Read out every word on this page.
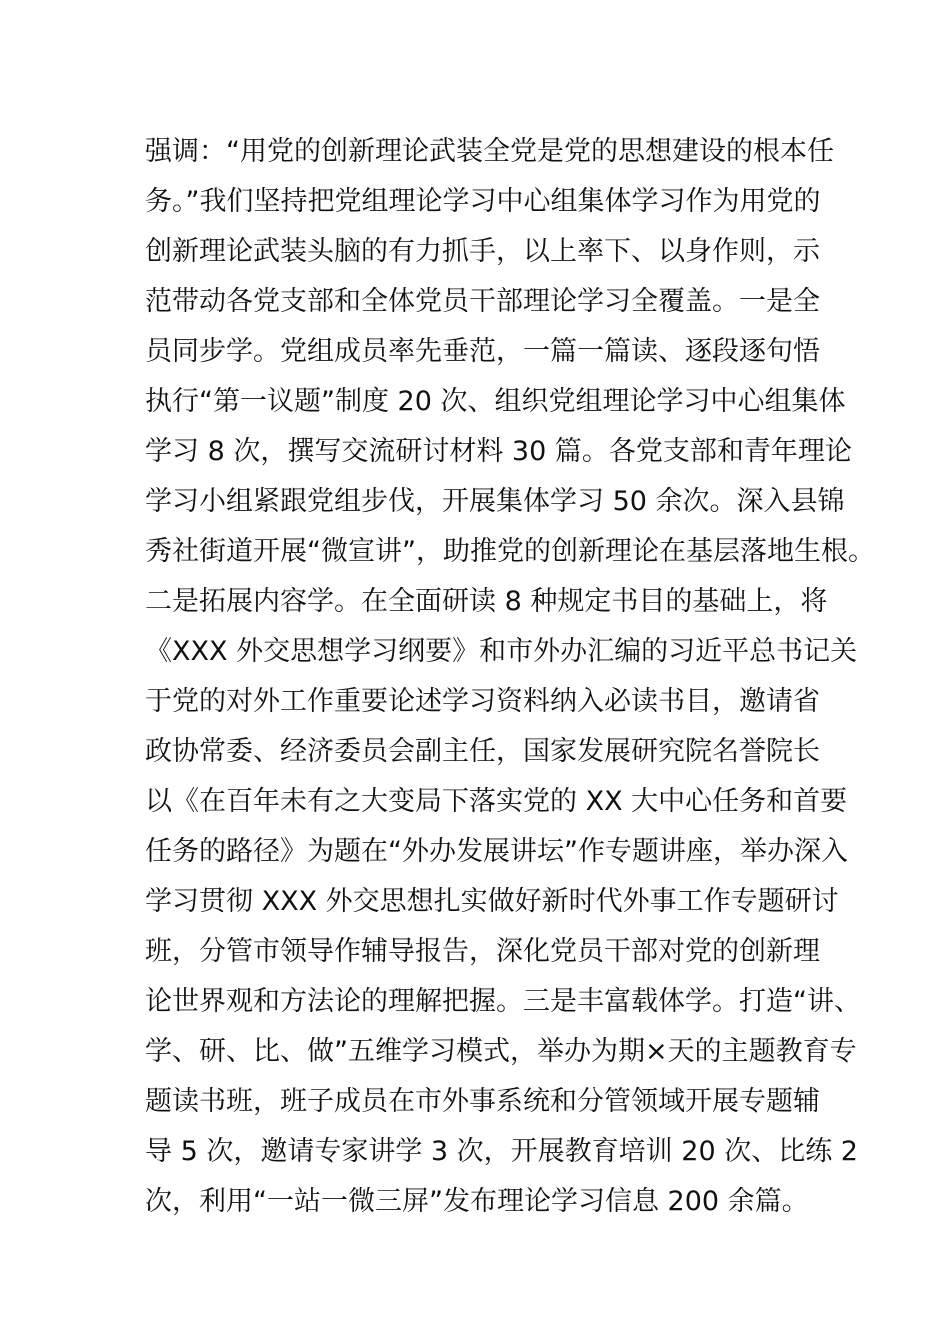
强调：“用党的创新理论武装全党是党的思想建设的根本任
务。”我们坚持把党组理论学习中心组集体学习作为用党的
创新理论武装头脑的有力抓手，以上率下、以身作则，示
范带动各党支部和全体党员干部理论学习全覆盖。一是全
员同步学。党组成员率先垂范，一篇一篇读、逐段逐句悟
执行“第一议题”制度 20 次、组织党组理论学习中心组集体
学习 8 次，撰写交流研讨材料 30 篇。各党支部和青年理论
学习小组紧跟党组步伐，开展集体学习 50 余次。深入县锦
秀社街道开展“微宣讲”，助推党的创新理论在基层落地生根。
二是拓展内容学。在全面研读 8 种规定书目的基础上，将
《XXX 外交思想学习纲要》和市外办汇编的习近平总书记关
于党的对外工作重要论述学习资料纳入必读书目，邀请省
政协常委、经济委员会副主任，国家发展研究院名誉院长
以《在百年未有之大变局下落实党的 XX 大中心任务和首要
任务的路径》为题在“外办发展讲坛”作专题讲座，举办深入
学习贯彻 XXX 外交思想扎实做好新时代外事工作专题研讨
班，分管市领导作辅导报告，深化党员干部对党的创新理
论世界观和方法论的理解把握。三是丰富载体学。打造“讲、
学、研、比、做”五维学习模式，举办为期×天的主题教育专
题读书班，班子成员在市外事系统和分管领域开展专题辅
导 5 次，邀请专家讲学 3 次，开展教育培训 20 次、比练 2
次，利用“一站一微三屏”发布理论学习信息 200 余篇。
